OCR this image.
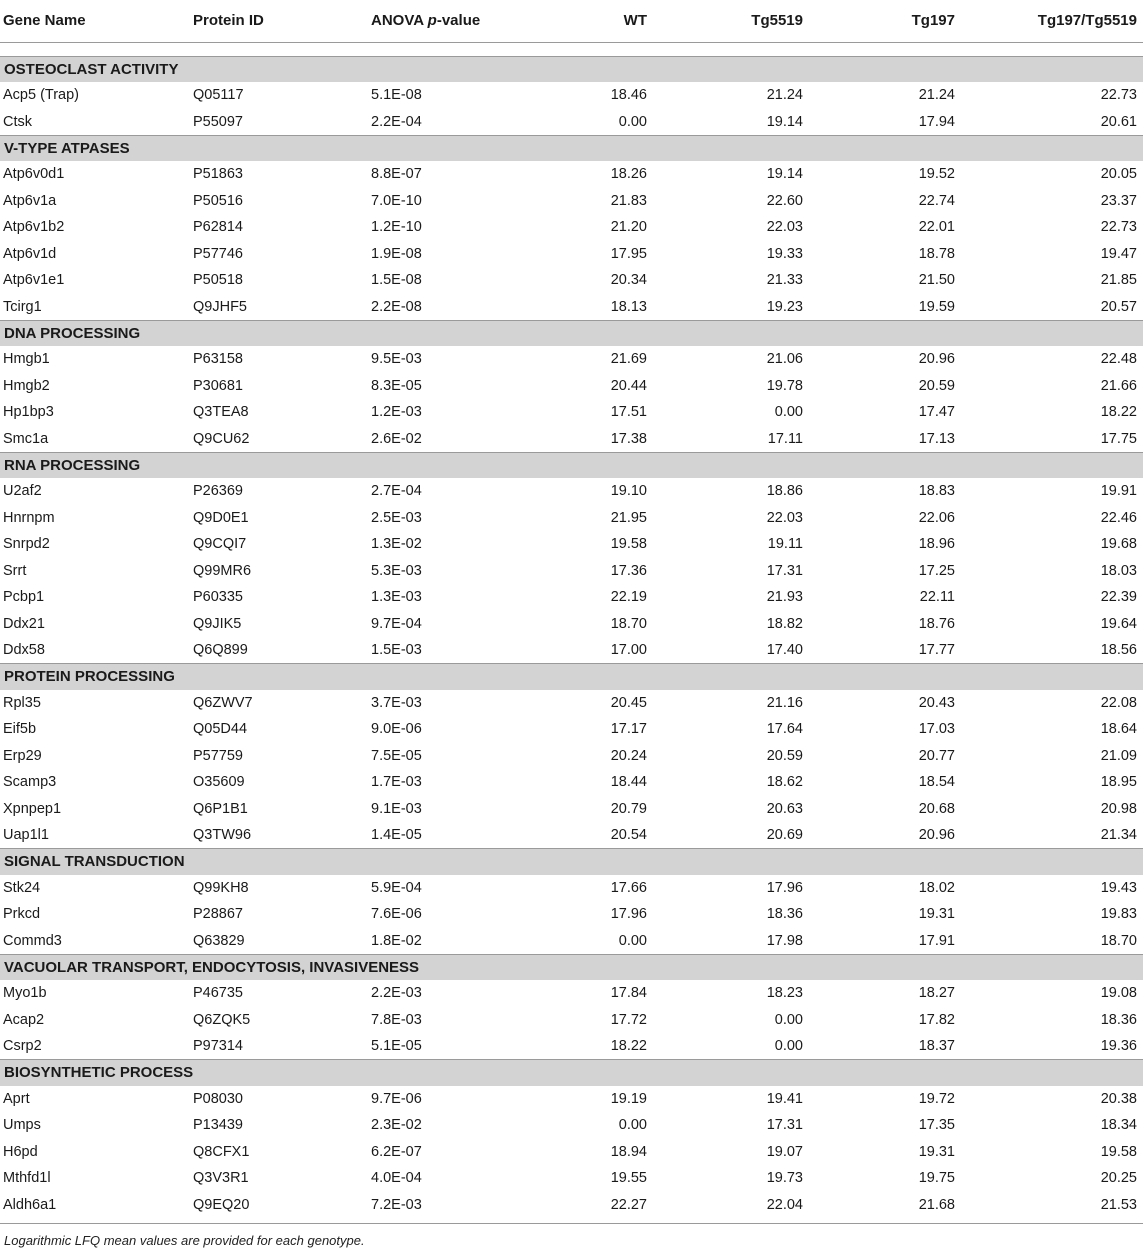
Gene Name	Protein ID	ANOVA p-value	WT	Tg5519	Tg197	Tg197/Tg5519

OSTEOCLAST ACTIVITY						
Acp5 (Trap)	Q05117	5.1E-08	18.46	21.24	21.24	22.73
Ctsk	P55097	2.2E-04	0.00	19.14	17.94	20.61
V-TYPE ATPASES						
Atp6v0d1	P51863	8.8E-07	18.26	19.14	19.52	20.05
Atp6v1a	P50516	7.0E-10	21.83	22.60	22.74	23.37
Atp6v1b2	P62814	1.2E-10	21.20	22.03	22.01	22.73
Atp6v1d	P57746	1.9E-08	17.95	19.33	18.78	19.47
Atp6v1e1	P50518	1.5E-08	20.34	21.33	21.50	21.85
Tcirg1	Q9JHF5	2.2E-08	18.13	19.23	19.59	20.57
DNA PROCESSING						
Hmgb1	P63158	9.5E-03	21.69	21.06	20.96	22.48
Hmgb2	P30681	8.3E-05	20.44	19.78	20.59	21.66
Hp1bp3	Q3TEA8	1.2E-03	17.51	0.00	17.47	18.22
Smc1a	Q9CU62	2.6E-02	17.38	17.11	17.13	17.75
RNA PROCESSING						
U2af2	P26369	2.7E-04	19.10	18.86	18.83	19.91
Hnrnpm	Q9D0E1	2.5E-03	21.95	22.03	22.06	22.46
Snrpd2	Q9CQI7	1.3E-02	19.58	19.11	18.96	19.68
Srrt	Q99MR6	5.3E-03	17.36	17.31	17.25	18.03
Pcbp1	P60335	1.3E-03	22.19	21.93	22.11	22.39
Ddx21	Q9JIK5	9.7E-04	18.70	18.82	18.76	19.64
Ddx58	Q6Q899	1.5E-03	17.00	17.40	17.77	18.56
PROTEIN PROCESSING						
Rpl35	Q6ZWV7	3.7E-03	20.45	21.16	20.43	22.08
Eif5b	Q05D44	9.0E-06	17.17	17.64	17.03	18.64
Erp29	P57759	7.5E-05	20.24	20.59	20.77	21.09
Scamp3	O35609	1.7E-03	18.44	18.62	18.54	18.95
Xpnpep1	Q6P1B1	9.1E-03	20.79	20.63	20.68	20.98
Uap1l1	Q3TW96	1.4E-05	20.54	20.69	20.96	21.34
SIGNAL TRANSDUCTION						
Stk24	Q99KH8	5.9E-04	17.66	17.96	18.02	19.43
Prkcd	P28867	7.6E-06	17.96	18.36	19.31	19.83
Commd3	Q63829	1.8E-02	0.00	17.98	17.91	18.70
VACUOLAR TRANSPORT, ENDOCYTOSIS, INVASIVENESS						
Myo1b	P46735	2.2E-03	17.84	18.23	18.27	19.08
Acap2	Q6ZQK5	7.8E-03	17.72	0.00	17.82	18.36
Csrp2	P97314	5.1E-05	18.22	0.00	18.37	19.36
BIOSYNTHETIC PROCESS						
Aprt	P08030	9.7E-06	19.19	19.41	19.72	20.38
Umps	P13439	2.3E-02	0.00	17.31	17.35	18.34
H6pd	Q8CFX1	6.2E-07	18.94	19.07	19.31	19.58
Mthfd1l	Q3V3R1	4.0E-04	19.55	19.73	19.75	20.25
Aldh6a1	Q9EQ20	7.2E-03	22.27	22.04	21.68	21.53

Logarithmic LFQ mean values are provided for each genotype.
